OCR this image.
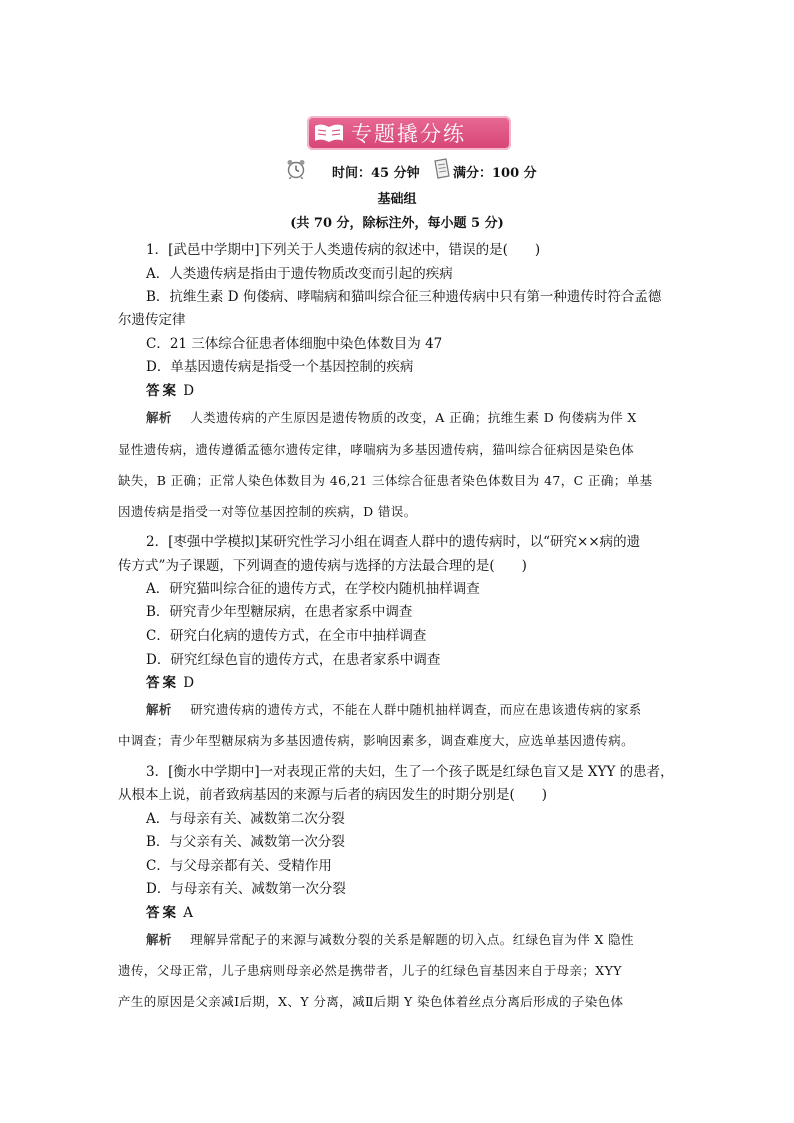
专题撬分练
时间：45 分钟	满分：100 分
基础组
(共 70 分，除标注外，每小题 5 分)
1．[武邑中学期中]下列关于人类遗传病的叙述中，错误的是(　　)
A．人类遗传病是指由于遗传物质改变而引起的疾病
B．抗维生素 D 佝偻病、哮喘病和猫叫综合征三种遗传病中只有第一种遗传时符合孟德
尔遗传定律
C．21 三体综合征患者体细胞中染色体数目为 47
D．单基因遗传病是指受一个基因控制的疾病
答案 D
解析 人类遗传病的产生原因是遗传物质的改变，A 正确；抗维生素 D 佝偻病为伴 X
显性遗传病，遗传遵循孟德尔遗传定律，哮喘病为多基因遗传病，猫叫综合征病因是染色体
缺失，B 正确；正常人染色体数目为 46,21 三体综合征患者染色体数目为 47，C 正确；单基
因遗传病是指受一对等位基因控制的疾病，D 错误。
2．[枣强中学模拟]某研究性学习小组在调查人群中的遗传病时，以“研究××病的遗
传方式”为子课题，下列调查的遗传病与选择的方法最合理的是(　　)
A．研究猫叫综合征的遗传方式，在学校内随机抽样调查
B．研究青少年型糖尿病，在患者家系中调查
C．研究白化病的遗传方式，在全市中抽样调查
D．研究红绿色盲的遗传方式，在患者家系中调查
答案 D
解析 研究遗传病的遗传方式，不能在人群中随机抽样调查，而应在患该遗传病的家系
中调查；青少年型糖尿病为多基因遗传病，影响因素多，调查难度大，应选单基因遗传病。
3．[衡水中学期中]一对表现正常的夫妇，生了一个孩子既是红绿色盲又是 XYY 的患者，
从根本上说，前者致病基因的来源与后者的病因发生的时期分别是(　　)
A．与母亲有关、减数第二次分裂
B．与父亲有关、减数第一次分裂
C．与父母亲都有关、受精作用
D．与母亲有关、减数第一次分裂
答案 A
解析 理解异常配子的来源与减数分裂的关系是解题的切入点。红绿色盲为伴 X 隐性
遗传，父母正常，儿子患病则母亲必然是携带者，儿子的红绿色盲基因来自于母亲；XYY
产生的原因是父亲减Ⅰ后期，X、Y 分离，减Ⅱ后期 Y 染色体着丝点分离后形成的子染色体
